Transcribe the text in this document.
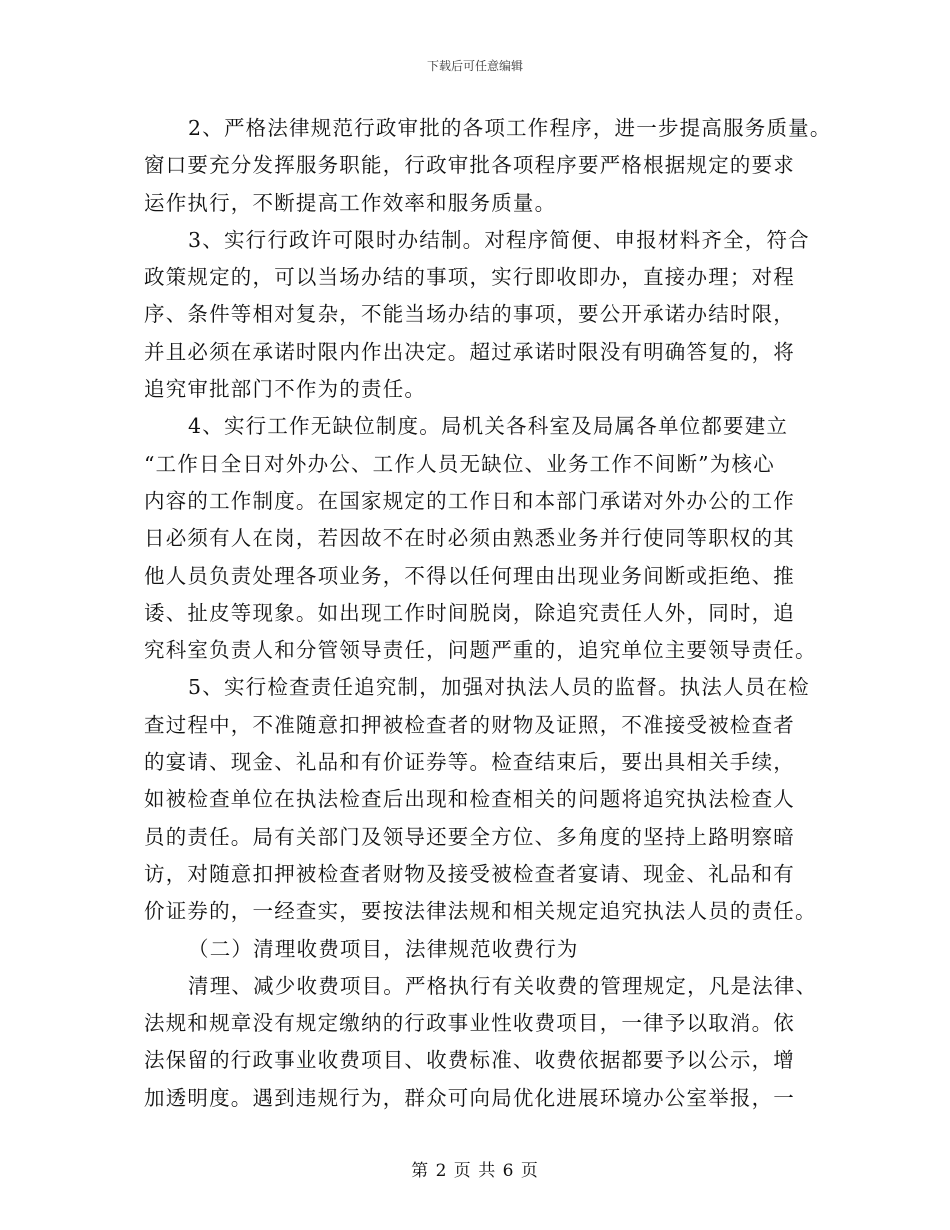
下载后可任意编辑

2、严格法律规范行政审批的各项工作程序，进一步提高服务质量。
窗口要充分发挥服务职能，行政审批各项程序要严格根据规定的要求
运作执行，不断提高工作效率和服务质量。

3、实行行政许可限时办结制。对程序简便、申报材料齐全，符合
政策规定的，可以当场办结的事项，实行即收即办，直接办理；对程
序、条件等相对复杂，不能当场办结的事项，要公开承诺办结时限，
并且必须在承诺时限内作出决定。超过承诺时限没有明确答复的，将
追究审批部门不作为的责任。

4、实行工作无缺位制度。局机关各科室及局属各单位都要建立
“工作日全日对外办公、工作人员无缺位、业务工作不间断”为核心
内容的工作制度。在国家规定的工作日和本部门承诺对外办公的工作
日必须有人在岗，若因故不在时必须由熟悉业务并行使同等职权的其
他人员负责处理各项业务，不得以任何理由出现业务间断或拒绝、推
诿、扯皮等现象。如出现工作时间脱岗，除追究责任人外，同时，追
究科室负责人和分管领导责任，问题严重的，追究单位主要领导责任。

5、实行检查责任追究制，加强对执法人员的监督。执法人员在检
查过程中，不准随意扣押被检查者的财物及证照，不准接受被检查者
的宴请、现金、礼品和有价证券等。检查结束后，要出具相关手续，
如被检查单位在执法检查后出现和检查相关的问题将追究执法检查人
员的责任。局有关部门及领导还要全方位、多角度的坚持上路明察暗
访，对随意扣押被检查者财物及接受被检查者宴请、现金、礼品和有
价证券的，一经查实，要按法律法规和相关规定追究执法人员的责任。

（二）清理收费项目，法律规范收费行为

清理、减少收费项目。严格执行有关收费的管理规定，凡是法律、
法规和规章没有规定缴纳的行政事业性收费项目，一律予以取消。依
法保留的行政事业收费项目、收费标准、收费依据都要予以公示，增
加透明度。遇到违规行为，群众可向局优化进展环境办公室举报，一

第 2 页 共 6 页
